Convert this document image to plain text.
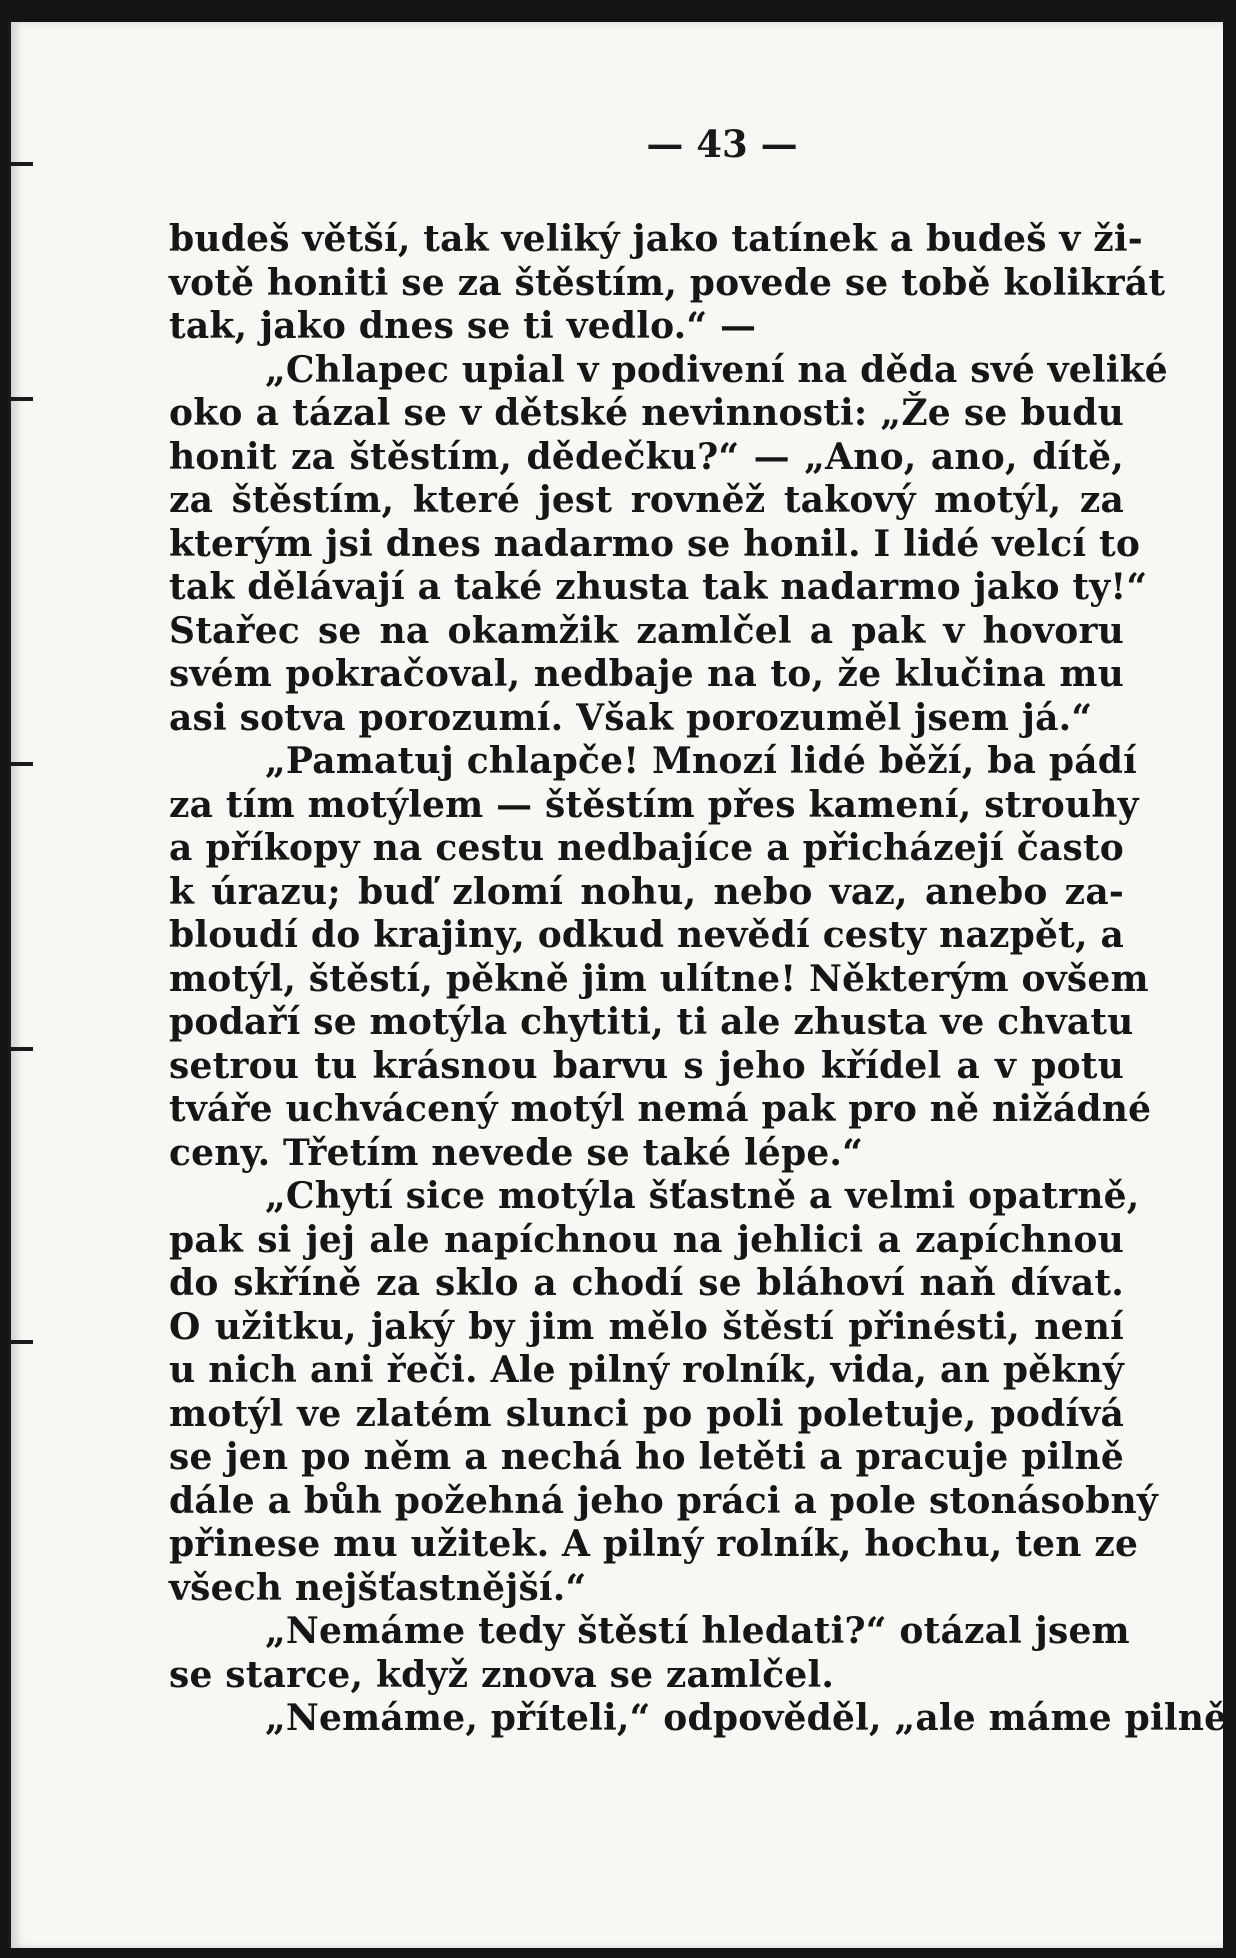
— 43 —
budeš větší, tak veliký jako tatínek a budeš v ži-
votě honiti se za štěstím, povede se tobě kolikrát
tak, jako dnes se ti vedlo.“ —
„Chlapec upial v podivení na děda své veliké
oko a tázal se v dětské nevinnosti: „Že se budu
honit za štěstím, dědečku?“ — „Ano, ano, dítě,
za štěstím, které jest rovněž takový motýl, za
kterým jsi dnes nadarmo se honil. I lidé velcí to
tak dělávají a také zhusta tak nadarmo jako ty!“
Stařec se na okamžik zamlčel a pak v hovoru
svém pokračoval, nedbaje na to, že klučina mu
asi sotva porozumí. Však porozuměl jsem já.“
„Pamatuj chlapče! Mnozí lidé běží, ba pádí
za tím motýlem — štěstím přes kamení, strouhy
a příkopy na cestu nedbajíce a přicházejí často
k úrazu; buď zlomí nohu, nebo vaz, anebo za-
bloudí do krajiny, odkud nevědí cesty nazpět, a
motýl, štěstí, pěkně jim ulítne! Některým ovšem
podaří se motýla chytiti, ti ale zhusta ve chvatu
setrou tu krásnou barvu s jeho křídel a v potu
tváře uchvácený motýl nemá pak pro ně nižádné
ceny. Třetím nevede se také lépe.“
„Chytí sice motýla šťastně a velmi opatrně,
pak si jej ale napíchnou na jehlici a zapíchnou
do skříně za sklo a chodí se bláhoví naň dívat.
O užitku, jaký by jim mělo štěstí přinésti, není
u nich ani řeči. Ale pilný rolník, vida, an pěkný
motýl ve zlatém slunci po poli poletuje, podívá
se jen po něm a nechá ho letěti a pracuje pilně
dále a bůh požehná jeho práci a pole stonásobný
přinese mu užitek. A pilný rolník, hochu, ten ze
všech nejšťastnější.“
„Nemáme tedy štěstí hledati?“ otázal jsem
se starce, když znova se zamlčel.
„Nemáme, příteli,“ odpověděl, „ale máme pilně
